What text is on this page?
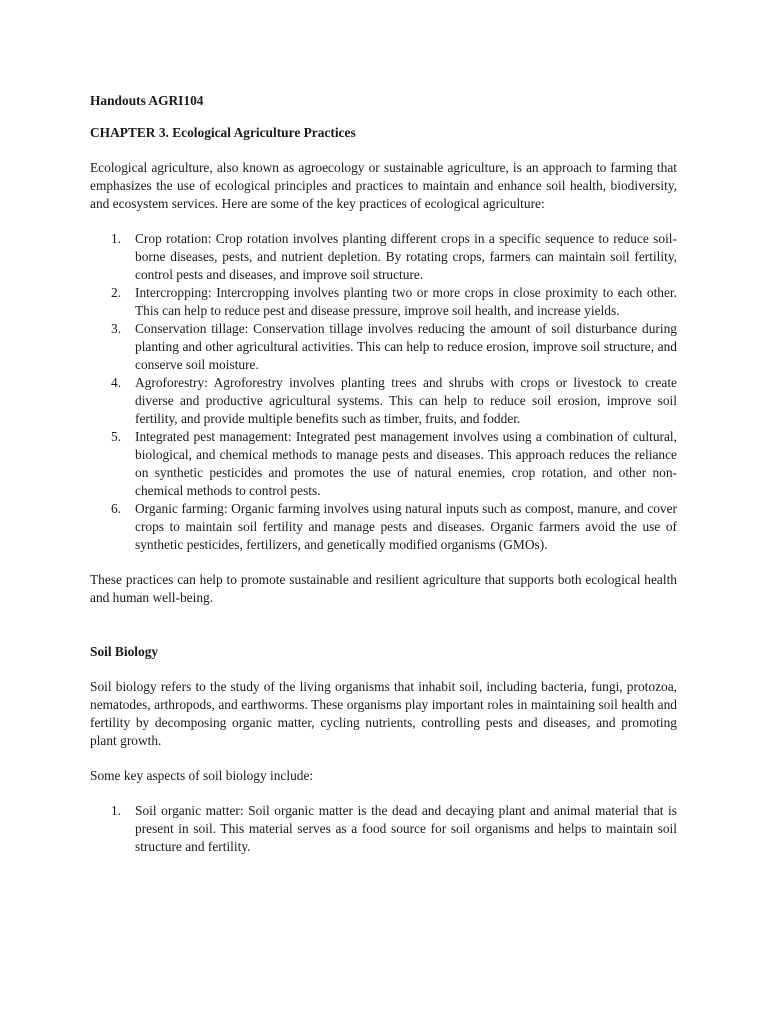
Handouts AGRI104

CHAPTER 3. Ecological Agriculture Practices

Ecological agriculture, also known as agroecology or sustainable agriculture, is an approach to farming that emphasizes the use of ecological principles and practices to maintain and enhance soil health, biodiversity, and ecosystem services. Here are some of the key practices of ecological agriculture:

1. Crop rotation: Crop rotation involves planting different crops in a specific sequence to reduce soil-borne diseases, pests, and nutrient depletion. By rotating crops, farmers can maintain soil fertility, control pests and diseases, and improve soil structure.
2. Intercropping: Intercropping involves planting two or more crops in close proximity to each other. This can help to reduce pest and disease pressure, improve soil health, and increase yields.
3. Conservation tillage: Conservation tillage involves reducing the amount of soil disturbance during planting and other agricultural activities. This can help to reduce erosion, improve soil structure, and conserve soil moisture.
4. Agroforestry: Agroforestry involves planting trees and shrubs with crops or livestock to create diverse and productive agricultural systems. This can help to reduce soil erosion, improve soil fertility, and provide multiple benefits such as timber, fruits, and fodder.
5. Integrated pest management: Integrated pest management involves using a combination of cultural, biological, and chemical methods to manage pests and diseases. This approach reduces the reliance on synthetic pesticides and promotes the use of natural enemies, crop rotation, and other non-chemical methods to control pests.
6. Organic farming: Organic farming involves using natural inputs such as compost, manure, and cover crops to maintain soil fertility and manage pests and diseases. Organic farmers avoid the use of synthetic pesticides, fertilizers, and genetically modified organisms (GMOs).

These practices can help to promote sustainable and resilient agriculture that supports both ecological health and human well-being.

Soil Biology

Soil biology refers to the study of the living organisms that inhabit soil, including bacteria, fungi, protozoa, nematodes, arthropods, and earthworms. These organisms play important roles in maintaining soil health and fertility by decomposing organic matter, cycling nutrients, controlling pests and diseases, and promoting plant growth.

Some key aspects of soil biology include:

1. Soil organic matter: Soil organic matter is the dead and decaying plant and animal material that is present in soil. This material serves as a food source for soil organisms and helps to maintain soil structure and fertility.
